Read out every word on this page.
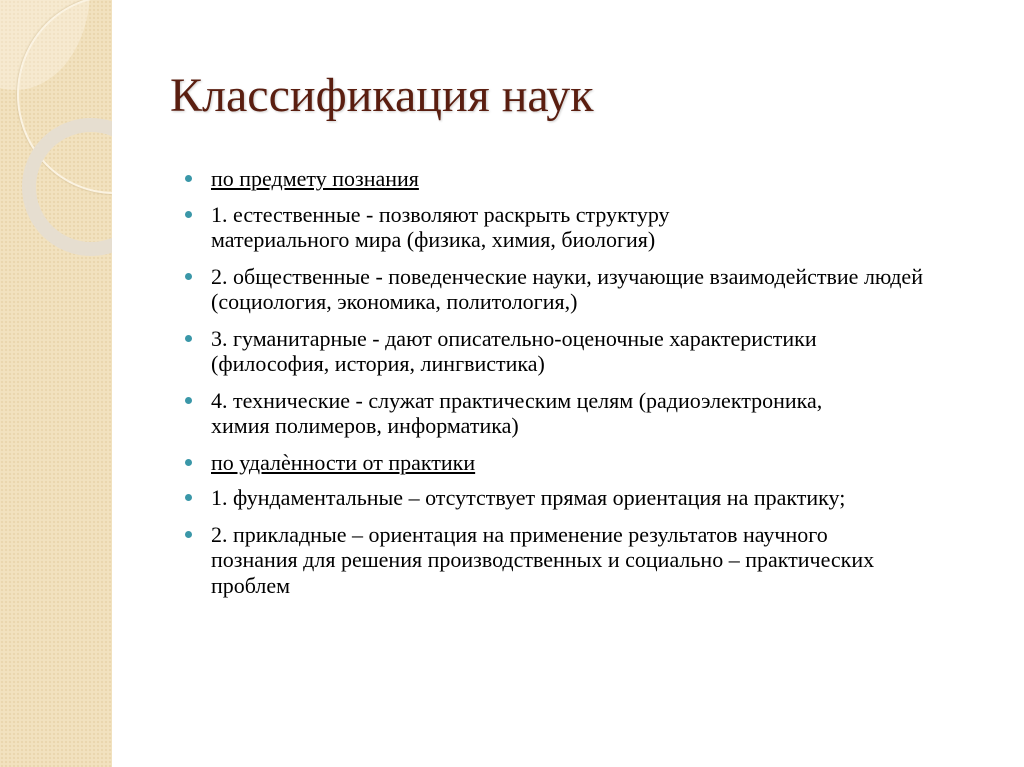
Классификация наук
по предмету познания
1. естественные - позволяют раскрыть структуру материального мира (физика, химия, биология)
2. общественные - поведенческие науки, изучающие взаимодействие людей (социология, экономика, политология,)
3. гуманитарные - дают описательно-оценочные характеристики (философия, история, лингвистика)
4. технические - служат практическим целям (радиоэлектроника, химия полимеров, информатика)
по удалѐнности от практики
1. фундаментальные – отсутствует прямая ориентация на практику;
2. прикладные – ориентация на применение результатов научного познания для решения производственных и социально – практических проблем
